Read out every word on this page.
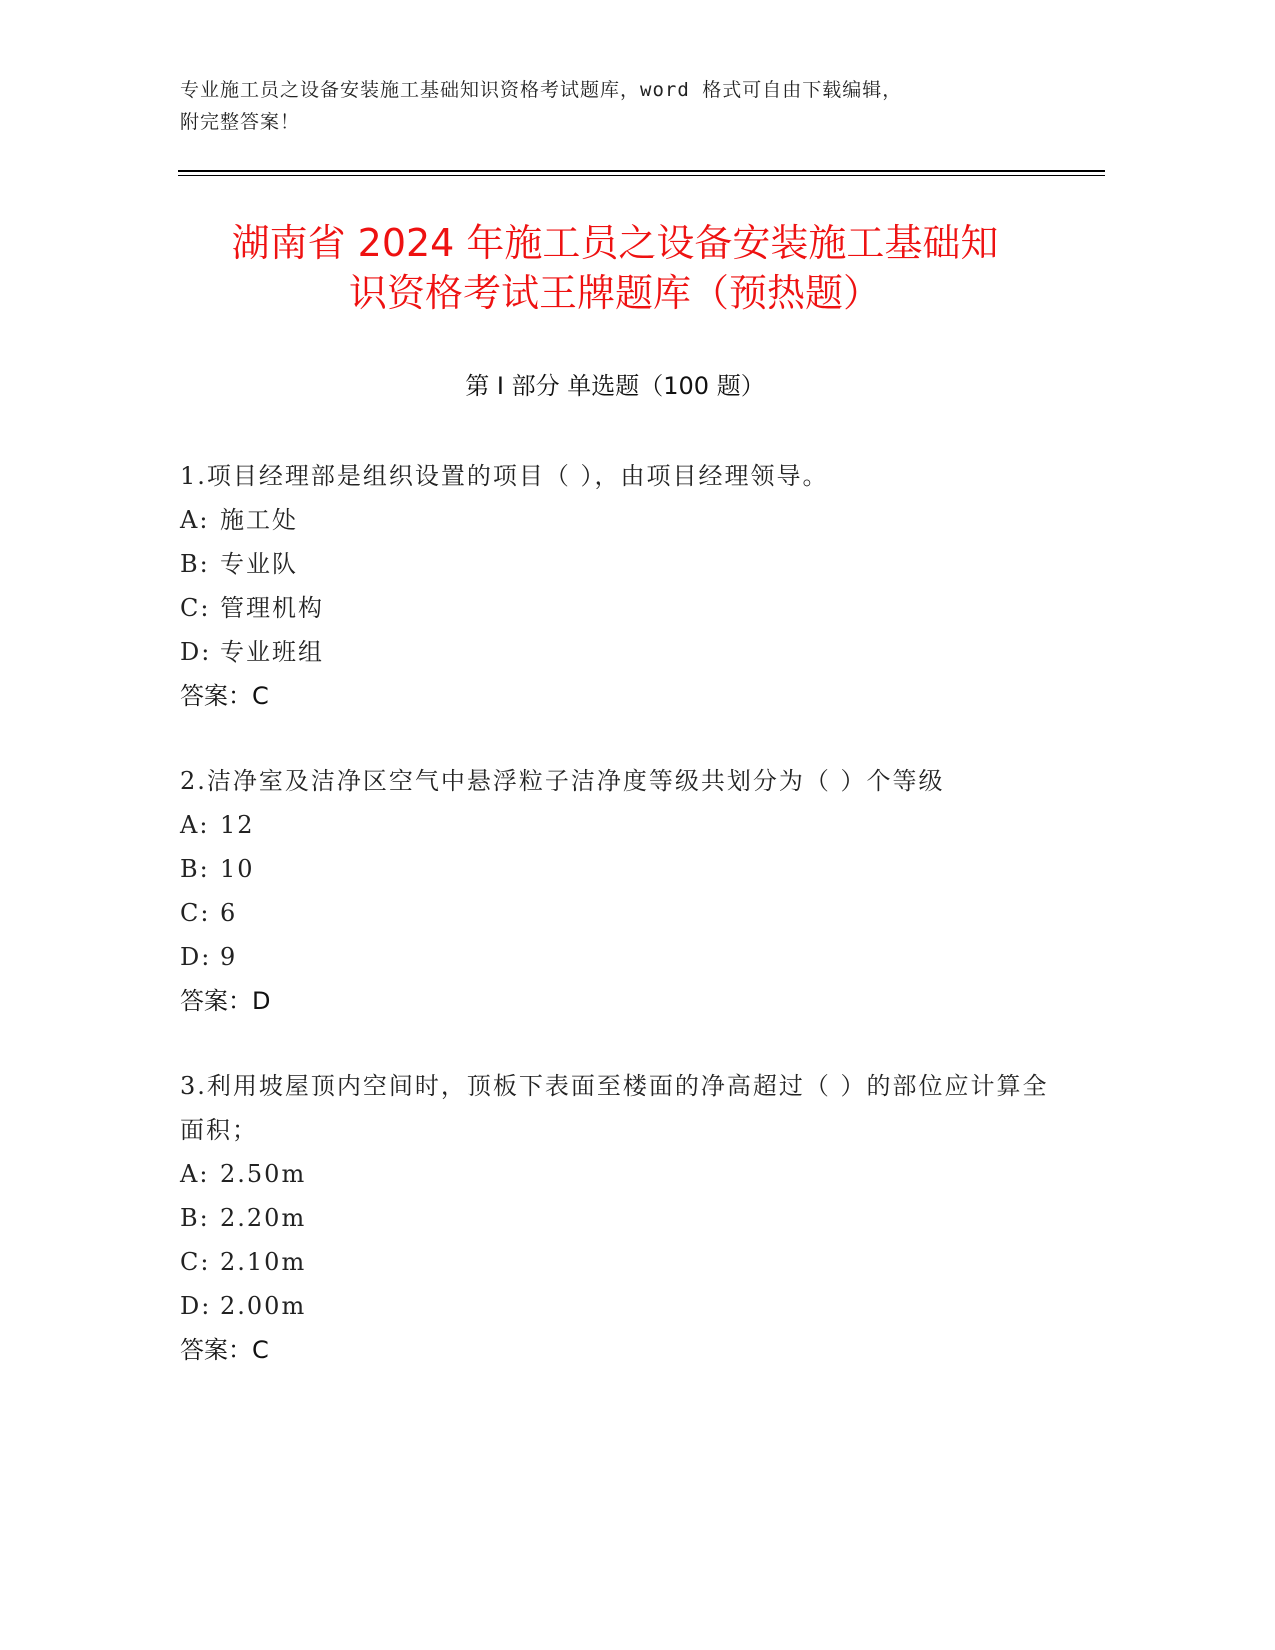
专业施工员之设备安装施工基础知识资格考试题库，word 格式可自由下载编辑，
附完整答案！
湖南省 2024 年施工员之设备安装施工基础知
识资格考试王牌题库（预热题）
第 I 部分 单选题（100 题）
1.项目经理部是组织设置的项目（ ），由项目经理领导。
A: 施工处
B: 专业队
C: 管理机构
D: 专业班组
答案：C
2.洁净室及洁净区空气中悬浮粒子洁净度等级共划分为（ ）个等级
A: 12
B: 10
C: 6
D: 9
答案：D
3.利用坡屋顶内空间时，顶板下表面至楼面的净高超过（ ）的部位应计算全面积；
A: 2.50m
B: 2.20m
C: 2.10m
D: 2.00m
答案：C
